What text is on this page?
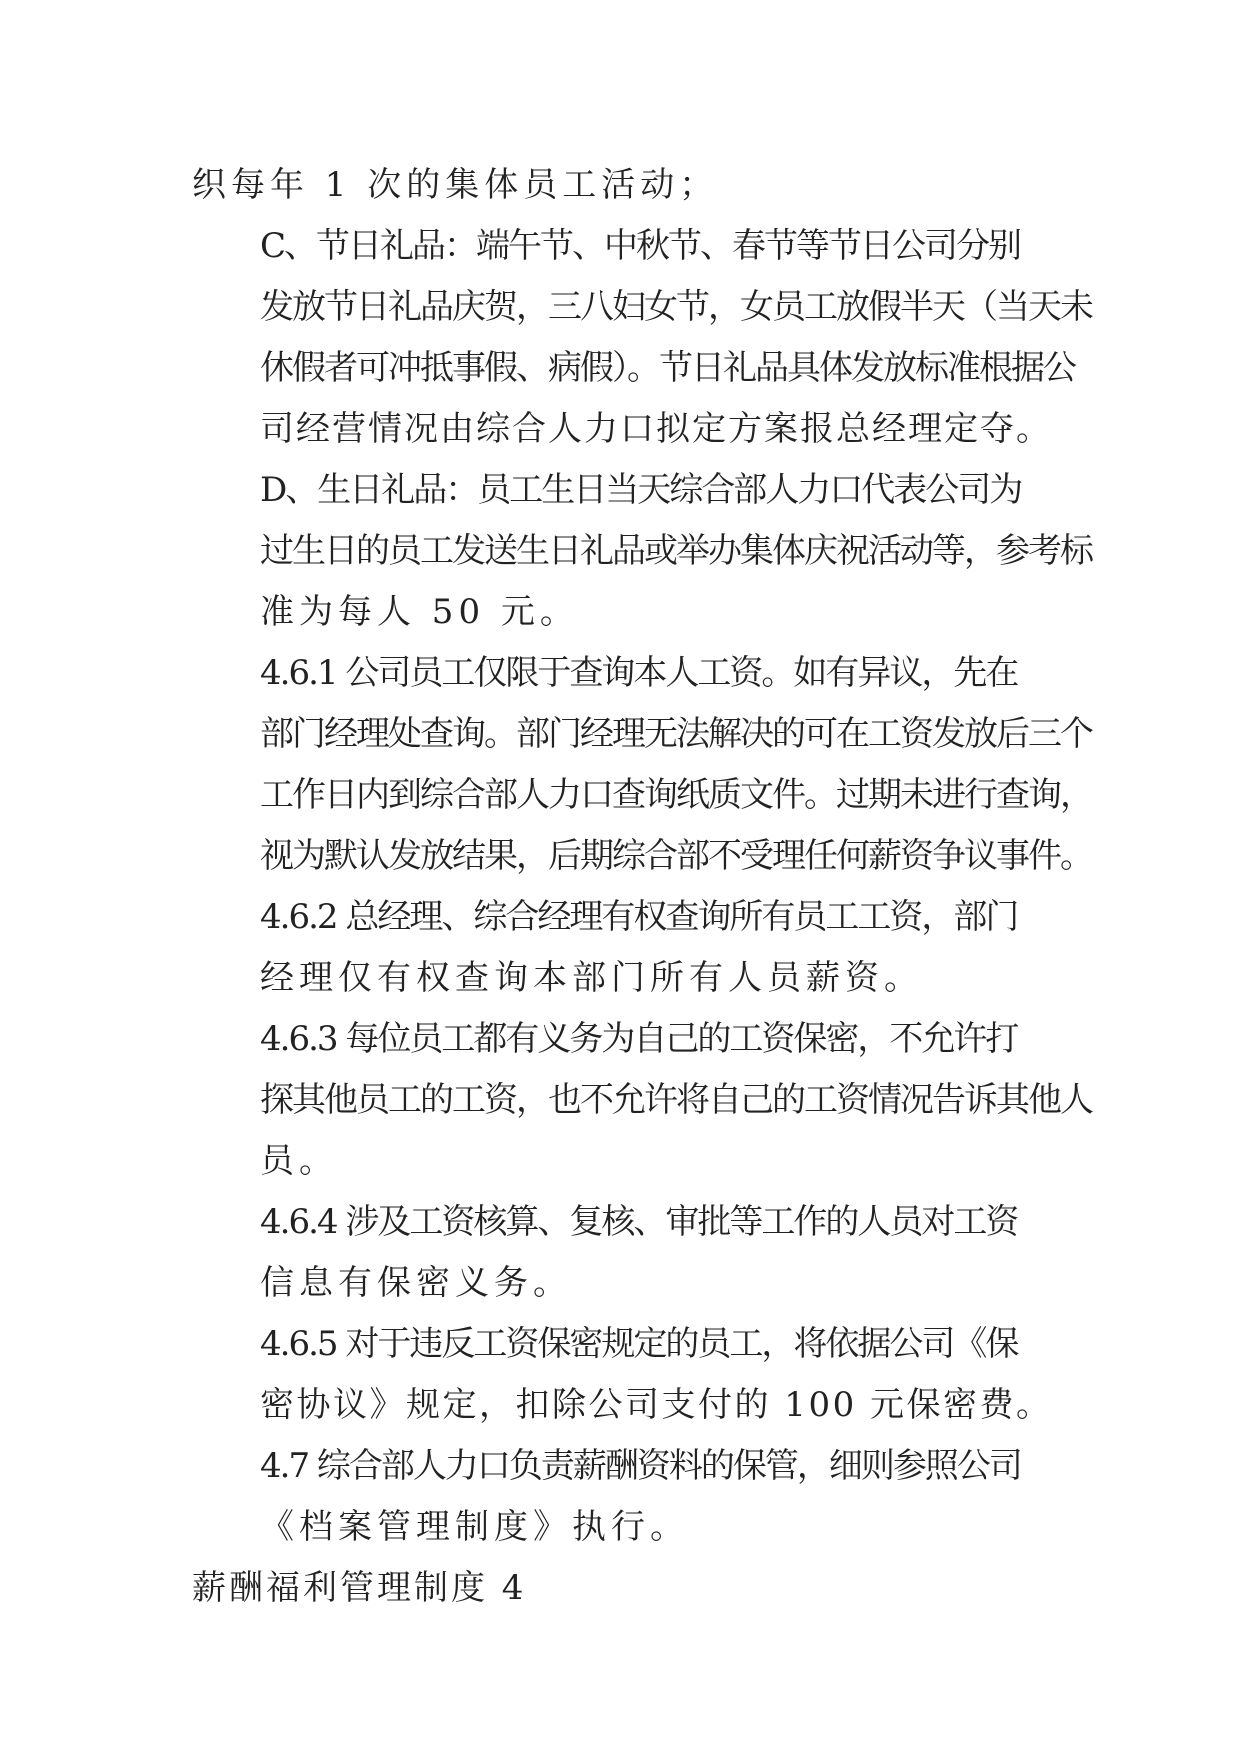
织每年 1 次的集体员工活动；

C、节日礼品：端午节、中秋节、春节等节日公司分别
发放节日礼品庆贺，三八妇女节，女员工放假半天（当天未
休假者可冲抵事假、病假）。节日礼品具体发放标准根据公
司经营情况由综合人力口拟定方案报总经理定夺。

D、生日礼品：员工生日当天综合部人力口代表公司为
过生日的员工发送生日礼品或举办集体庆祝活动等，参考标
准为每人 50 元。

4.6.1 公司员工仅限于查询本人工资。如有异议，先在
部门经理处查询。部门经理无法解决的可在工资发放后三个
工作日内到综合部人力口查询纸质文件。过期未进行查询，
视为默认发放结果，后期综合部不受理任何薪资争议事件。

4.6.2 总经理、综合经理有权查询所有员工工资，部门
经理仅有权查询本部门所有人员薪资。

4.6.3 每位员工都有义务为自己的工资保密，不允许打
探其他员工的工资，也不允许将自己的工资情况告诉其他人
员。

4.6.4 涉及工资核算、复核、审批等工作的人员对工资
信息有保密义务。

4.6.5 对于违反工资保密规定的员工，将依据公司《保
密协议》规定，扣除公司支付的 100 元保密费。

4.7 综合部人力口负责薪酬资料的保管，细则参照公司
《档案管理制度》执行。

薪酬福利管理制度 4
